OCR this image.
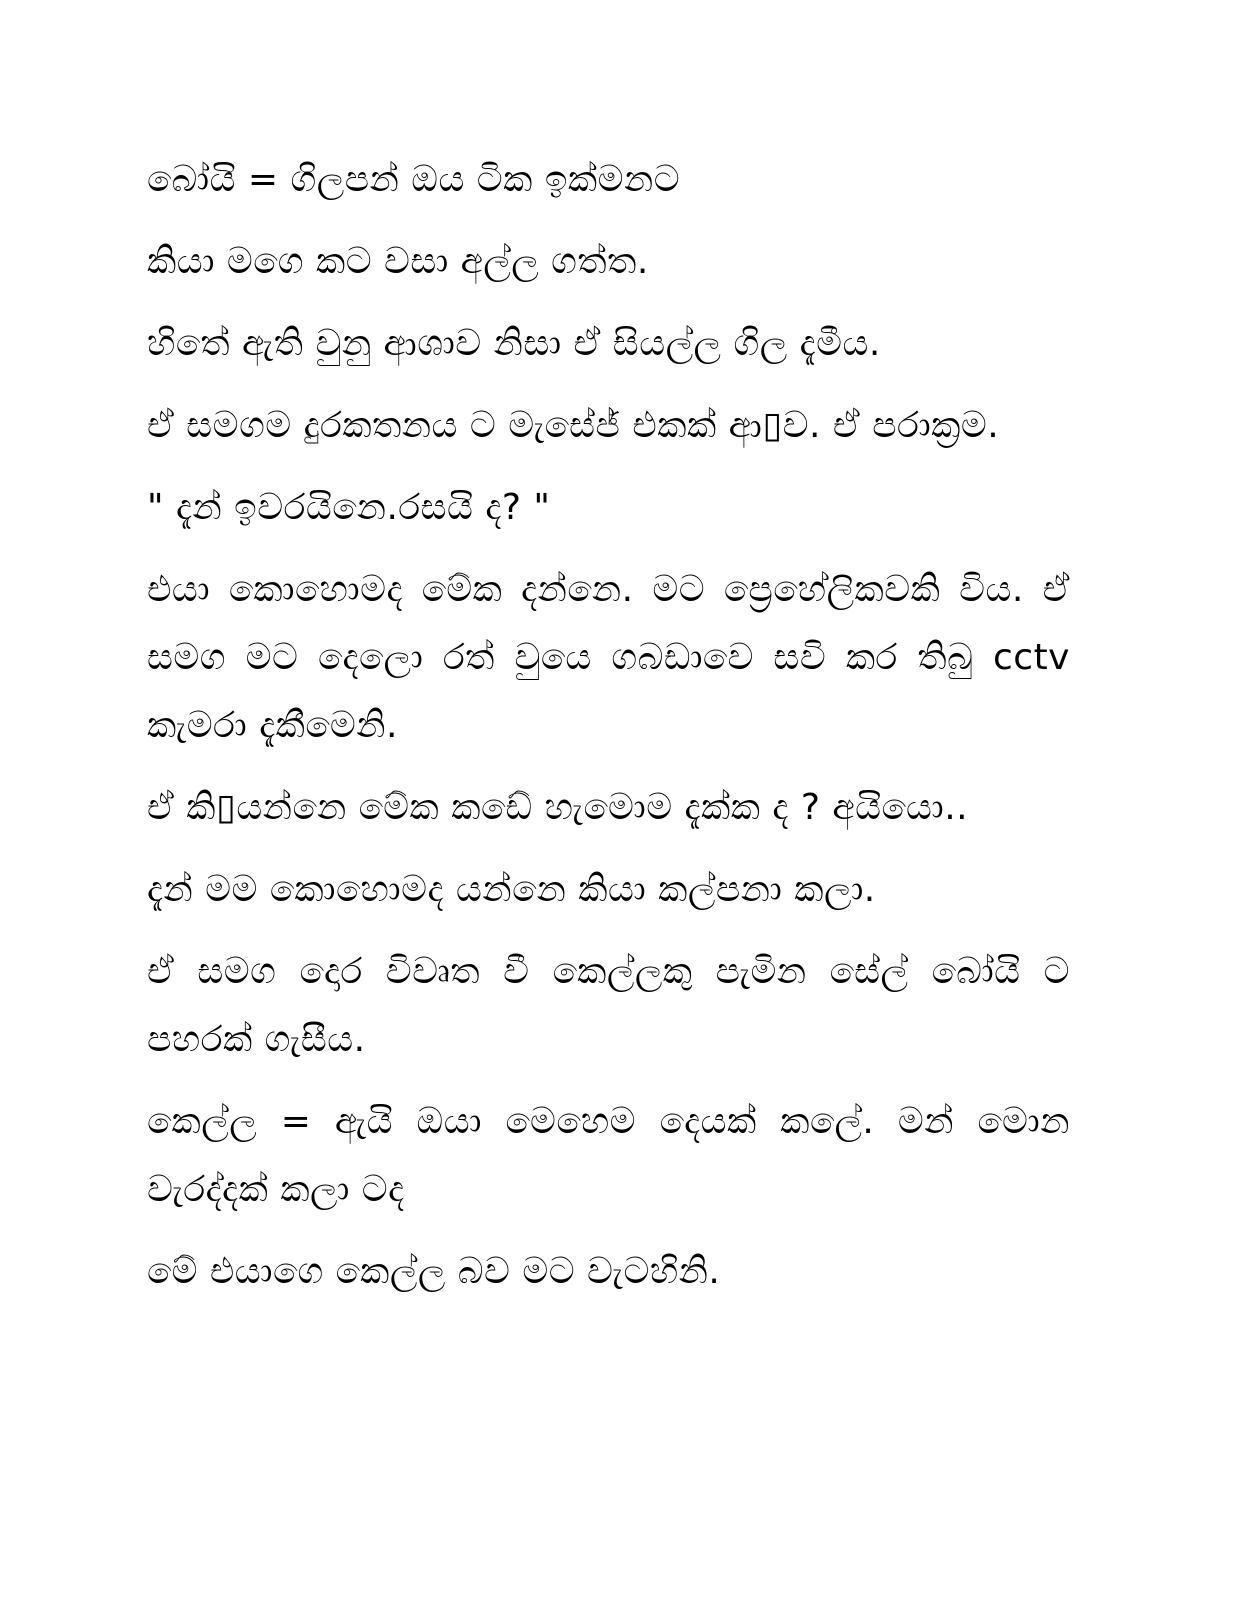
බෝයි = ගිලපන් ඔය ටික ඉක්මනට

කියා මගෙ කට වසා අල්ල ගත්ත.

හිතේ ඇති වුනු ආශාව නිසා ඒ සියල්ල ගිල දැමීය.

ඒ සමගම දුරකතනය ට මැසේජ් එකක් ආ▯ව. ඒ පරාක්‍රම.

" දැන් ඉවරයිනෙ.රසයි ද? "

එයා කොහොමද මේක දන්නෙ. මට ප්‍රෙහේලිකවකි විය. ඒ සමග මට දෙලො රත් වුයෙ ගබඩාවෙ සවි කර තිබු cctv කැමරා දැකීමෙනි.

ඒ කි▯යන්නෙ මේක කඩේ හැමොම දැක්ක ද ? අයියො..

දැන් මම කොහොමද යන්නෙ කියා කල්පනා කලා.

ඒ සමග දොර විවෘත වී කෙල්ලකු පැමින සේල් බෝයි ට පහරක් ගැසීය.

කෙල්ල = ඇයි ඔයා මෙහෙම දෙයක් කලේ. මන් මොන වැරද්දක් කලා ටද

මේ එයාගෙ කෙල්ල බව මට වැටහිනි.
